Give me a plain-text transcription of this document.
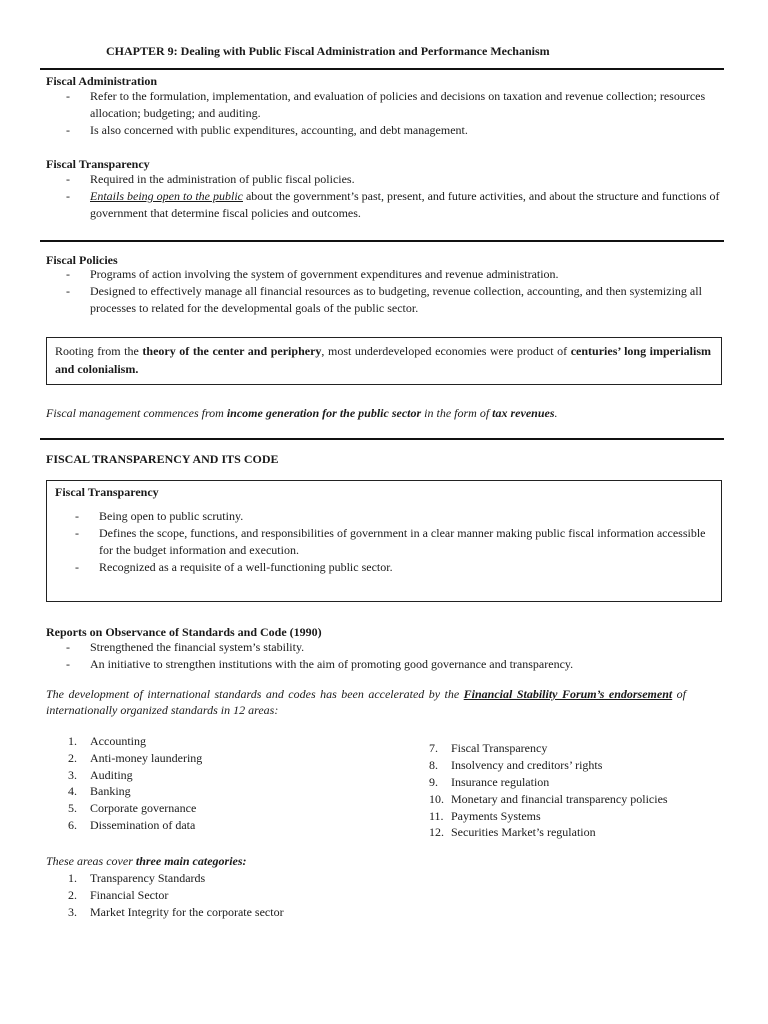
CHAPTER 9: Dealing with Public Fiscal Administration and Performance Mechanism
Fiscal Administration
- Refer to the formulation, implementation, and evaluation of policies and decisions on taxation and revenue collection; resources allocation; budgeting; and auditing.
- Is also concerned with public expenditures, accounting, and debt management.
Fiscal Transparency
- Required in the administration of public fiscal policies.
- Entails being open to the public about the government’s past, present, and future activities, and about the structure and functions of government that determine fiscal policies and outcomes.
Fiscal Policies
- Programs of action involving the system of government expenditures and revenue administration.
- Designed to effectively manage all financial resources as to budgeting, revenue collection, accounting, and then systemizing all processes to related for the developmental goals of the public sector.
Rooting from the theory of the center and periphery, most underdeveloped economies were product of centuries’ long imperialism and colonialism.
Fiscal management commences from income generation for the public sector in the form of tax revenues.
FISCAL TRANSPARENCY AND ITS CODE
Fiscal Transparency
- Being open to public scrutiny.
- Defines the scope, functions, and responsibilities of government in a clear manner making public fiscal information accessible for the budget information and execution.
- Recognized as a requisite of a well-functioning public sector.
Reports on Observance of Standards and Code (1990)
- Strengthened the financial system’s stability.
- An initiative to strengthen institutions with the aim of promoting good governance and transparency.
The development of international standards and codes has been accelerated by the Financial Stability Forum’s endorsement of internationally organized standards in 12 areas:
1. Accounting
2. Anti-money laundering
3. Auditing
4. Banking
5. Corporate governance
6. Dissemination of data
7. Fiscal Transparency
8. Insolvency and creditors’ rights
9. Insurance regulation
10. Monetary and financial transparency policies
11. Payments Systems
12. Securities Market’s regulation
These areas cover three main categories:
1. Transparency Standards
2. Financial Sector
3. Market Integrity for the corporate sector
